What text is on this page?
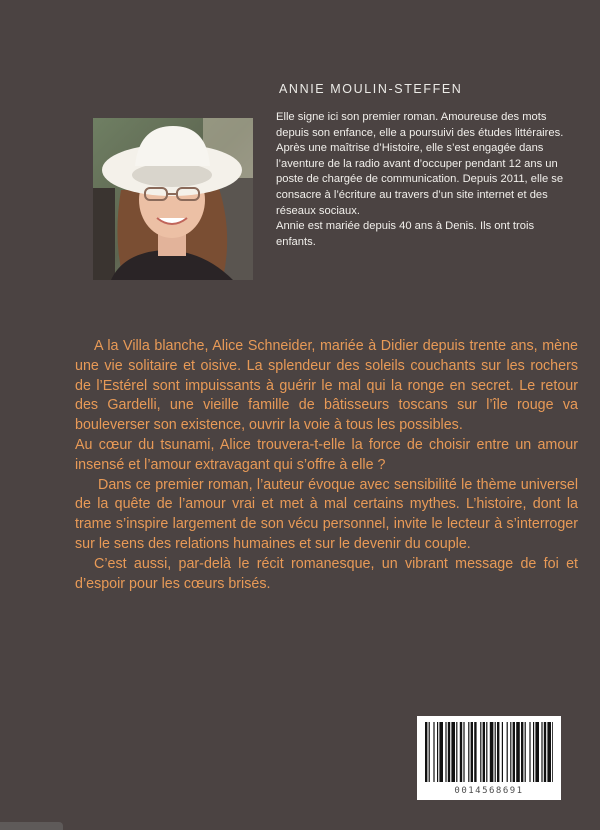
ANNIE MOULIN-STEFFEN

Elle signe ici son premier roman. Amoureuse des mots depuis son enfance, elle a poursuivi des études littéraires. Après une maîtrise d’Histoire, elle s’est engagée dans l’aventure de la radio avant d’occuper pendant 12 ans un poste de chargée de communication. Depuis 2011, elle se consacre à l’écriture au travers d’un site internet et des réseaux sociaux.

Annie est mariée depuis 40 ans à Denis. Ils ont trois enfants.

A la Villa blanche, Alice Schneider, mariée à Didier depuis trente ans, mène une vie solitaire et oisive. La splendeur des soleils couchants sur les rochers de l’Estérel sont impuissants à guérir le mal qui la ronge en secret. Le retour des Gardelli, une vieille famille de bâtisseurs toscans sur l’île rouge va bouleverser son existence, ouvrir la voie à tous les possibles.

Au cœur du tsunami, Alice trouvera-t-elle la force de choisir entre un amour insensé et l’amour extravagant qui s’offre à elle ?

Dans ce premier roman, l’auteur évoque avec sensibilité le thème universel de la quête de l’amour vrai et met à mal certains mythes. L’histoire, dont la trame s’inspire largement de son vécu personnel, invite le lecteur à s’interroger sur le sens des relations humaines et sur le devenir du couple.

C’est aussi, par-delà le récit romanesque, un vibrant message de foi et d’espoir pour les cœurs brisés.

0014568691
